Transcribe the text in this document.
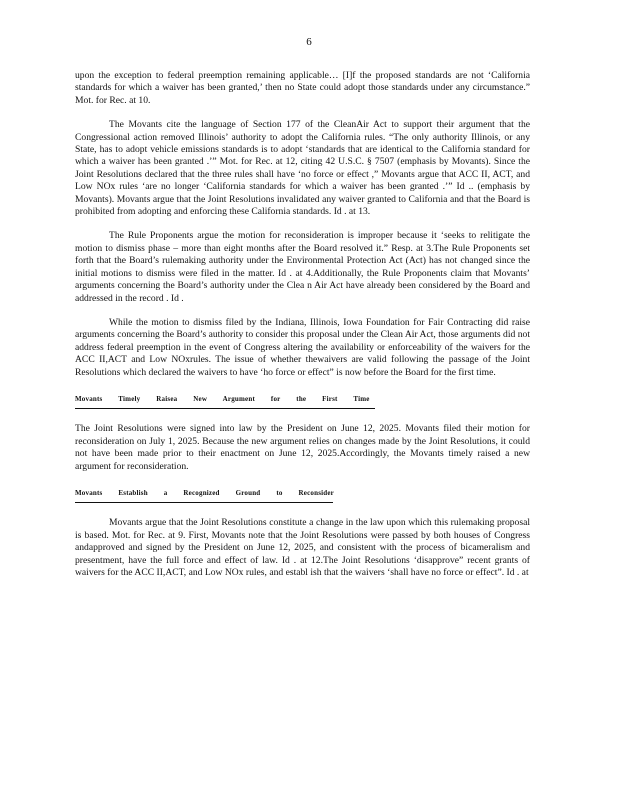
6

upon the exception to federal preemption remaining applicable… [I]f the proposed standards are not ‘California standards for which a waiver has been granted,’ then no State could adopt those standards under any circumstance.” Mot. for Rec. at 10.

The Movants cite the language of Section 177 of the CleanAir Act to support their argument that the Congressional action removed Illinois’ authority to adopt the California rules. “The only authority Illinois, or any State, has to adopt vehicle emissions standards is to adopt ‘standards that are identical to the California standard for which a waiver has been granted .’” Mot. for Rec. at 12, citing 42 U.S.C. § 7507 (emphasis by Movants). Since the Joint Resolutions declared that the three rules shall have ‘no force or effect ,” Movants argue that ACC II, ACT, and Low NOx rules ‘are no longer ‘California standards for which a waiver has been granted .’” Id .. (emphasis by Movants). Movants argue that the Joint Resolutions invalidated any waiver granted to California and that the Board is prohibited from adopting and enforcing these California standards. Id . at 13.

The Rule Proponents argue the motion for reconsideration is improper because it ‘seeks to relitigate the motion to dismiss phase – more than eight months after the Board resolved it.” Resp. at 3.The Rule Proponents set forth that the Board’s rulemaking authority under the Environmental Protection Act (Act) has not changed since the initial motions to dismiss were filed in the matter. Id . at 4.Additionally, the Rule Proponents claim that Movants’ arguments concerning the Board’s authority under the Clea n Air Act have already been considered by the Board and addressed in the record . Id .

While the motion to dismiss filed by the Indiana, Illinois, Iowa Foundation for Fair Contracting did raise arguments concerning the Board’s authority to consider this proposal under the Clean Air Act, those arguments did not address federal preemption in the event of Congress altering the availability or enforceability of the waivers for the ACC II,ACT and Low NOxrules. The issue of whether thewaivers are valid following the passage of the Joint Resolutions which declared the waivers to have ‘ho force or effect” is now before the Board for the first time.

Movants Timely Raisea New Argument for the First Time

The Joint Resolutions were signed into law by the President on June 12, 2025. Movants filed their motion for reconsideration on July 1, 2025. Because the new argument relies on changes made by the Joint Resolutions, it could not have been made prior to their enactment on June 12, 2025.Accordingly, the Movants timely raised a new argument for reconsideration.

Movants Establish a Recognized Ground to Reconsider

Movants argue that the Joint Resolutions constitute a change in the law upon which this rulemaking proposal is based. Mot. for Rec. at 9. First, Movants note that the Joint Resolutions were passed by both houses of Congress andapproved and signed by the President on June 12, 2025, and consistent with the process of bicameralism and presentment, have the full force and effect of law. Id . at 12.The Joint Resolutions ‘disapprove” recent grants of waivers for the ACC II,ACT, and Low NOx rules, and establ ish that the waivers ‘shall have no force or effect”. Id . at
